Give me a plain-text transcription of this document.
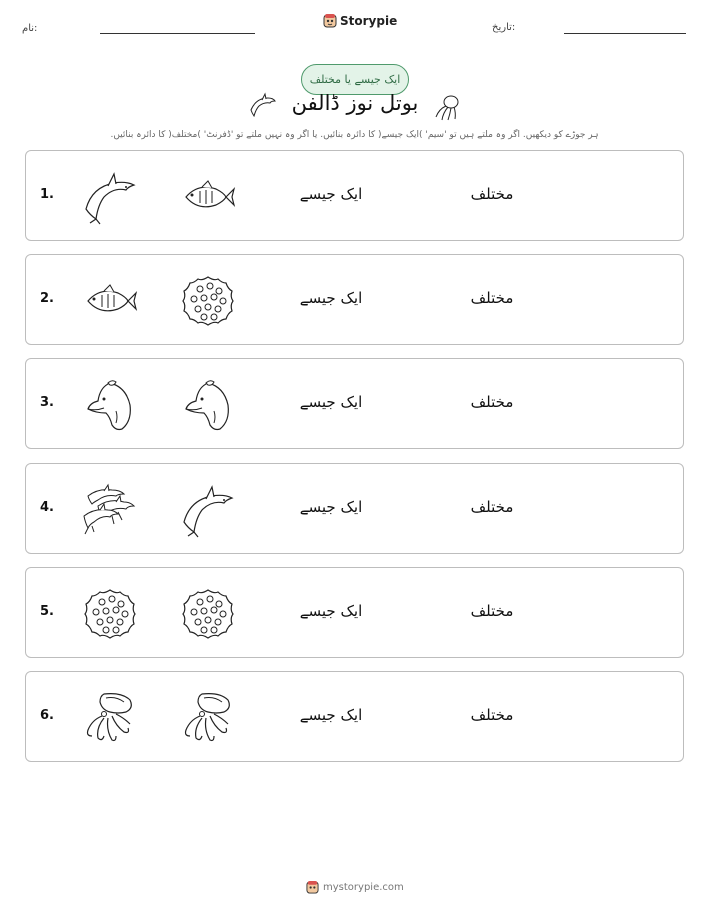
نام:
Storypie	تاریخ:
ایک جیسے یا مختلف
بوتل نوز ڈالفن
ہر جوڑے کو دیکھیں. اگر وہ ملتے ہیں تو 'سیم' )ایک جیسے( کا دائرہ بنائیں. یا اگر وہ نہیں ملتے تو 'ڈفرنٹ' )مختلف( کا دائرہ بنائیں.
1.	ایک جیسے	مختلف
2.	ایک جیسے	مختلف
3.	ایک جیسے	مختلف
4.	ایک جیسے	مختلف
5.	ایک جیسے	مختلف
6.	ایک جیسے	مختلف
mystorypie.com
